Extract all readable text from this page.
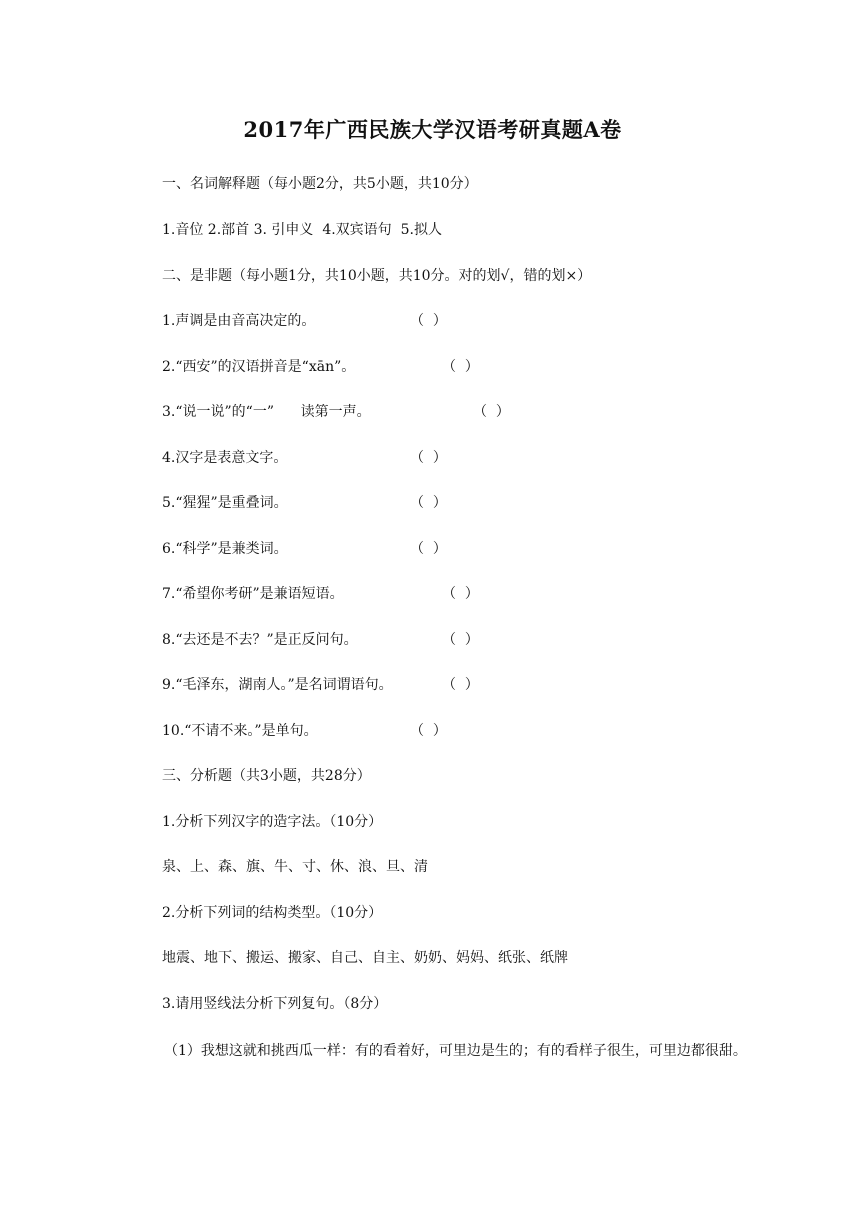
2017年广西民族大学汉语考研真题A卷
一、名词解释题（每小题2分，共5小题，共10分）
1.音位 2.部首 3. 引申义  4.双宾语句  5.拟人
二、是非题（每小题1分，共10小题，共10分。对的划√，错的划×）
1.声调是由音高决定的。	（  ）
2.“西安”的汉语拼音是“xān”。	（  ）
3.“说一说”的“一”      读第一声。	（  ）
4.汉字是表意文字。	（  ）
5.“猩猩”是重叠词。	（  ）
6.“科学”是兼类词。	（  ）
7.“希望你考研”是兼语短语。	（  ）
8.“去还是不去？”是正反问句。	（  ）
9.“毛泽东，湖南人。”是名词谓语句。	（  ）
10.“不请不来。”是单句。	（  ）
三、分析题（共3小题，共28分）
1.分析下列汉字的造字法。（10分）
泉、上、森、旗、牛、寸、休、浪、旦、清
2.分析下列词的结构类型。（10分）
地震、地下、搬运、搬家、自己、自主、奶奶、妈妈、纸张、纸牌
3.请用竖线法分析下列复句。（8分）
（1）我想这就和挑西瓜一样：有的看着好，可里边是生的；有的看样子很生，可里边都很甜。
